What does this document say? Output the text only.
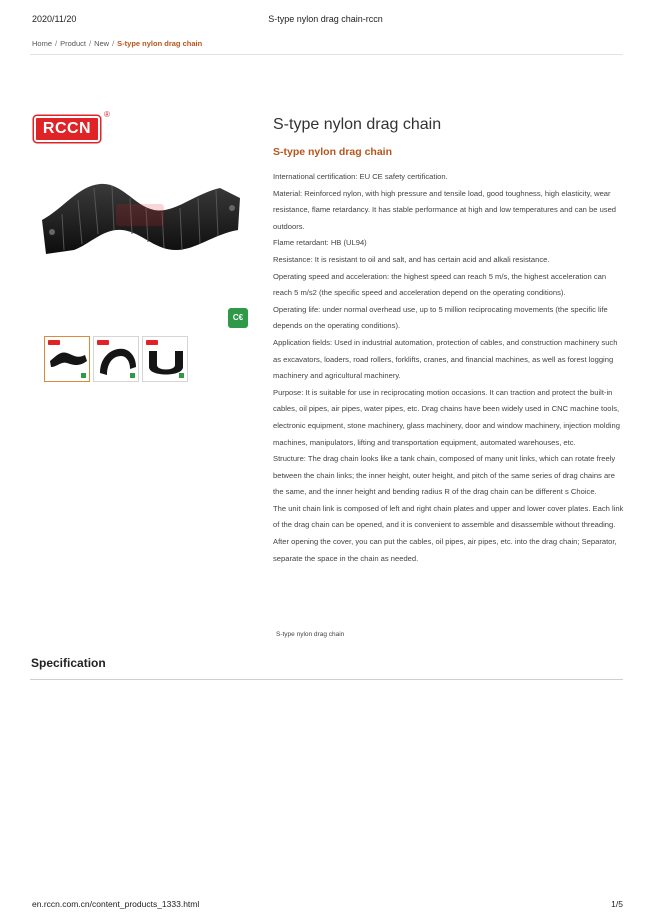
2020/11/20	S-type nylon drag chain-rccn
Home / Product / New / S-type nylon drag chain
RCCN
®
C€
S-type nylon drag chain
S-type nylon drag chain

International certification: EU CE safety certification.

Material: Reinforced nylon, with high pressure and tensile load, good toughness, high elasticity, wear resistance, flame retardancy. It has stable performance at high and low temperatures and can be used outdoors.

Flame retardant: HB (UL94)

Resistance: It is resistant to oil and salt, and has certain acid and alkali resistance.

Operating speed and acceleration: the highest speed can reach 5 m/s, the highest acceleration can reach 5 m/s2 (the specific speed and acceleration depend on the operating conditions).

Operating life: under normal overhead use, up to 5 million reciprocating movements (the specific life depends on the operating conditions).

Application fields: Used in industrial automation, protection of cables, and construction machinery such as excavators, loaders, road rollers, forklifts, cranes, and financial machines, as well as forest logging machinery and agricultural machinery.

Purpose: It is suitable for use in reciprocating motion occasions. It can traction and protect the built-in cables, oil pipes, air pipes, water pipes, etc. Drag chains have been widely used in CNC machine tools, electronic equipment, stone machinery, glass machinery, door and window machinery, injection molding machines, manipulators, lifting and transportation equipment, automated warehouses, etc.

Structure: The drag chain looks like a tank chain, composed of many unit links, which can rotate freely between the chain links; the inner height, outer height, and pitch of the same series of drag chains are the same, and the inner height and bending radius R of the drag chain can be different s Choice.

The unit chain link is composed of left and right chain plates and upper and lower cover plates. Each link of the drag chain can be opened, and it is convenient to assemble and disassemble without threading. After opening the cover, you can put the cables, oil pipes, air pipes, etc. into the drag chain; Separator, separate the space in the chain as needed.

S-type nylon drag chain
Specification
en.rccn.com.cn/content_products_1333.html	1/5
